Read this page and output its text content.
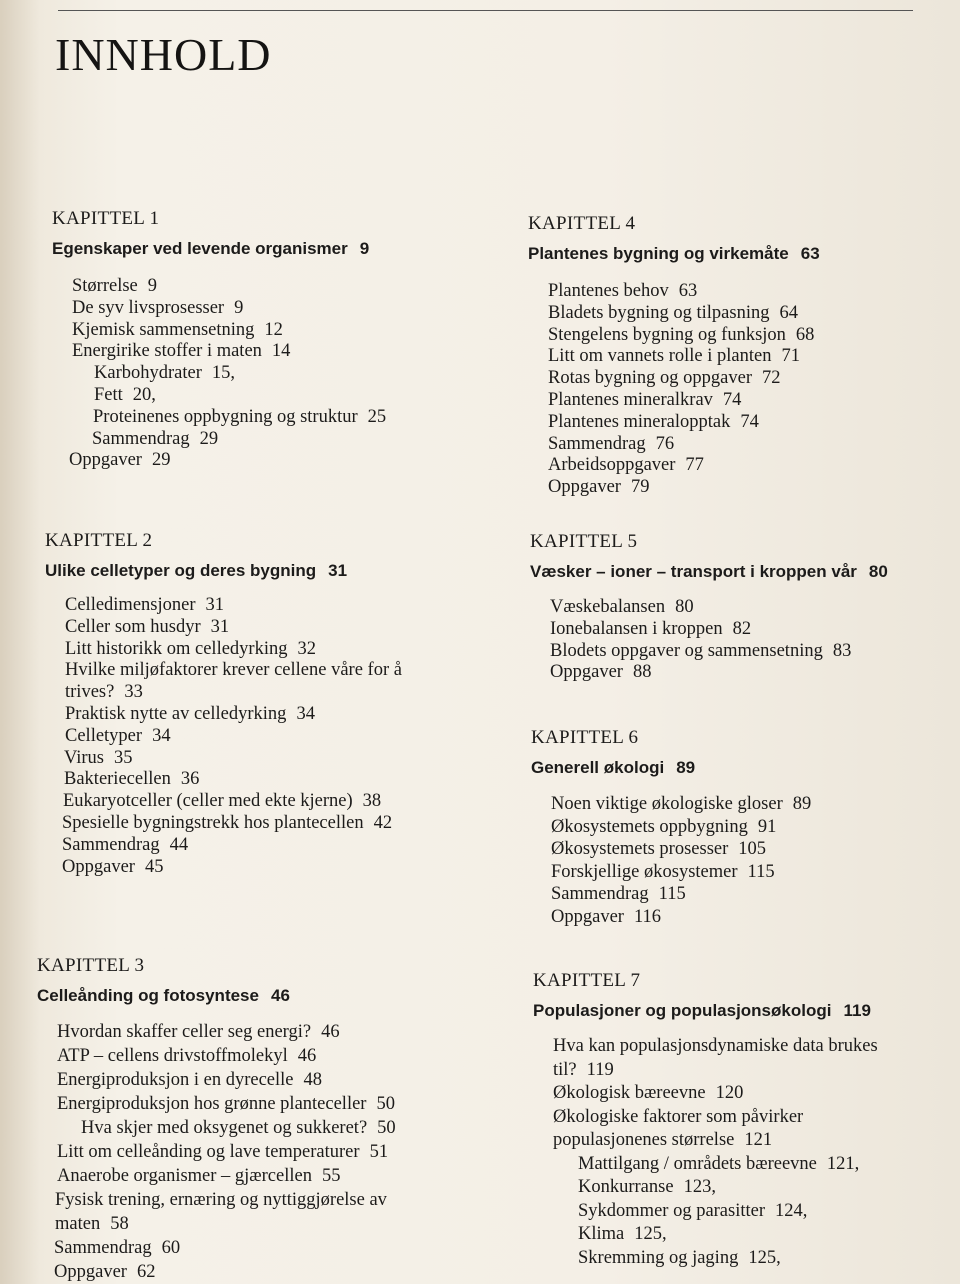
INNHOLD
KAPITTEL 1
Egenskaper ved levende organismer 9
Størrelse 9
De syv livsprosesser 9
Kjemisk sammensetning 12
Energirike stoffer i maten 14
Karbohydrater 15,
Fett 20,
Proteinenes oppbygning og struktur 25
Sammendrag 29
Oppgaver 29
KAPITTEL 2
Ulike celletyper og deres bygning 31
Celledimensjoner 31
Celler som husdyr 31
Litt historikk om celledyrking 32
Hvilke miljøfaktorer krever cellene våre for å
trives? 33
Praktisk nytte av celledyrking 34
Celletyper 34
Virus 35
Bakteriecellen 36
Eukaryotceller (celler med ekte kjerne) 38
Spesielle bygningstrekk hos plantecellen 42
Sammendrag 44
Oppgaver 45
KAPITTEL 3
Celleånding og fotosyntese 46
Hvordan skaffer celler seg energi? 46
ATP – cellens drivstoffmolekyl 46
Energiproduksjon i en dyrecelle 48
Energiproduksjon hos grønne planteceller 50
Hva skjer med oksygenet og sukkeret? 50
Litt om celleånding og lave temperaturer 51
Anaerobe organismer – gjærcellen 55
Fysisk trening, ernæring og nyttiggjørelse av
maten 58
Sammendrag 60
Oppgaver 62
KAPITTEL 4
Plantenes bygning og virkemåte 63
Plantenes behov 63
Bladets bygning og tilpasning 64
Stengelens bygning og funksjon 68
Litt om vannets rolle i planten 71
Rotas bygning og oppgaver 72
Plantenes mineralkrav 74
Plantenes mineralopptak 74
Sammendrag 76
Arbeidsoppgaver 77
Oppgaver 79
KAPITTEL 5
Væsker – ioner – transport i kroppen vår 80
Væskebalansen 80
Ionebalansen i kroppen 82
Blodets oppgaver og sammensetning 83
Oppgaver 88
KAPITTEL 6
Generell økologi 89
Noen viktige økologiske gloser 89
Økosystemets oppbygning 91
Økosystemets prosesser 105
Forskjellige økosystemer 115
Sammendrag 115
Oppgaver 116
KAPITTEL 7
Populasjoner og populasjonsøkologi 119
Hva kan populasjonsdynamiske data brukes
til? 119
Økologisk bæreevne 120
Økologiske faktorer som påvirker
populasjonenes størrelse 121
Mattilgang / områdets bæreevne 121,
Konkurranse 123,
Sykdommer og parasitter 124,
Klima 125,
Skremming og jaging 125,
